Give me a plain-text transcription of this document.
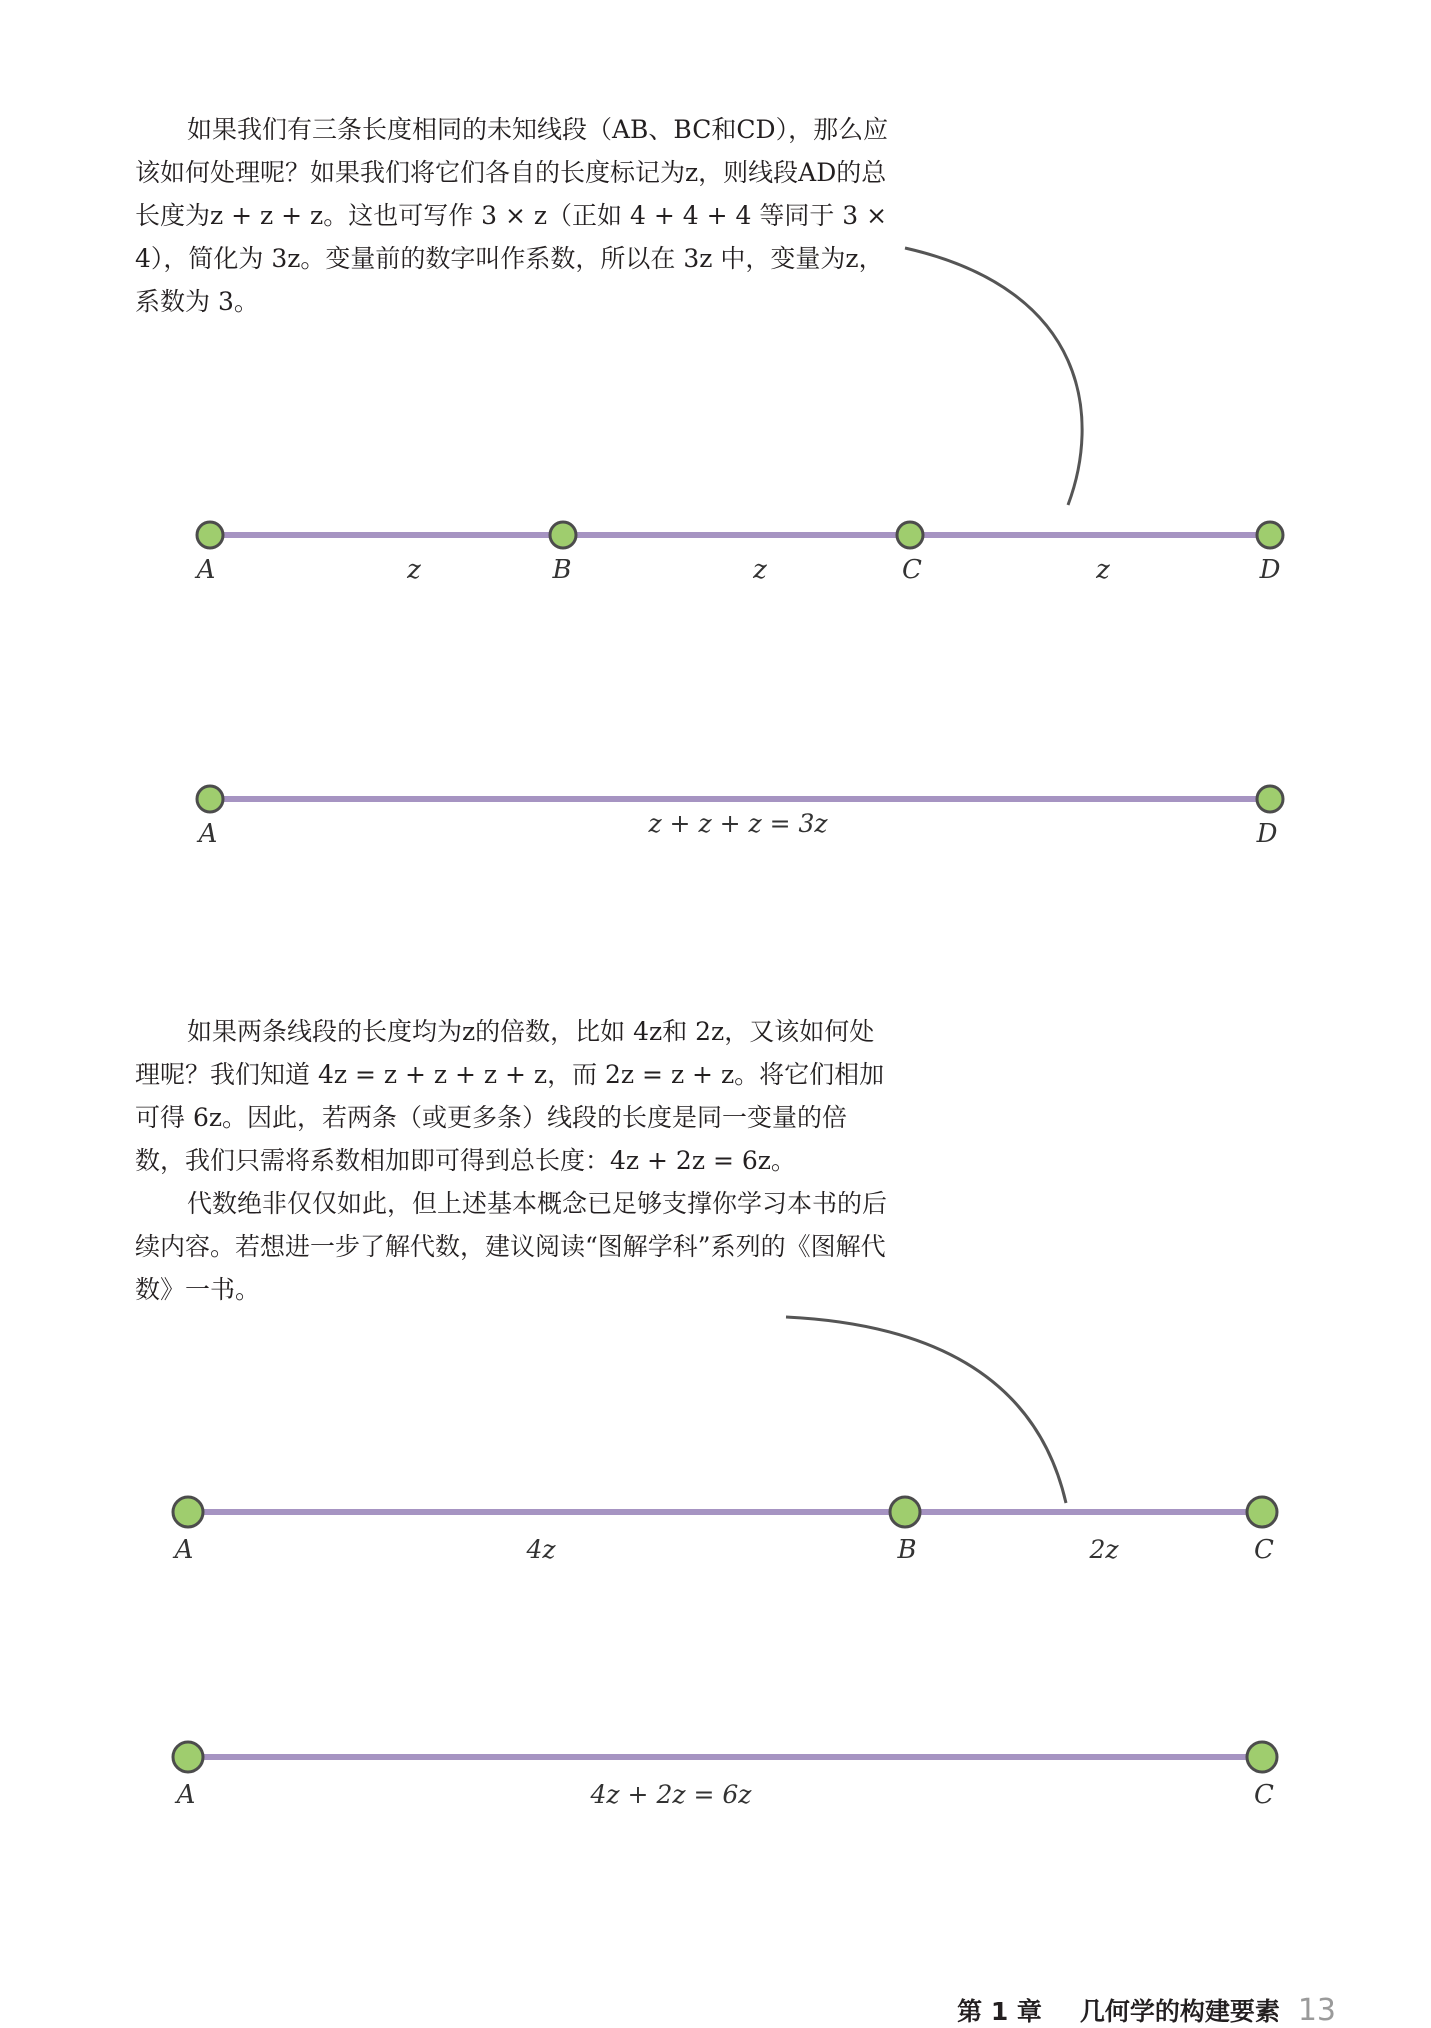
如果我们有三条长度相同的未知线段（AB、BC和CD），那么应该如何处理呢？如果我们将它们各自的长度标记为z，则线段AD的总长度为z + z + z。这也可写作 3 × z（正如 4 + 4 + 4 等同于 3 × 4），简化为 3z。变量前的数字叫作系数，所以在 3z 中，变量为z，系数为 3。

如果两条线段的长度均为z的倍数，比如 4z和 2z，又该如何处理呢？我们知道 4z = z + z + z + z，而 2z = z + z。将它们相加可得 6z。因此，若两条（或更多条）线段的长度是同一变量的倍数，我们只需将系数相加即可得到总长度：4z + 2z = 6z。

代数绝非仅仅如此，但上述基本概念已足够支撑你学习本书的后续内容。若想进一步了解代数，建议阅读“图解学科”系列的《图解代数》一书。

A	B	C	D
z	z	z
A	D
z + z + z = 3z
A	B	C
4z	2z
A	C
4z + 2z = 6z
第 1 章 几何学的构建要素 13
